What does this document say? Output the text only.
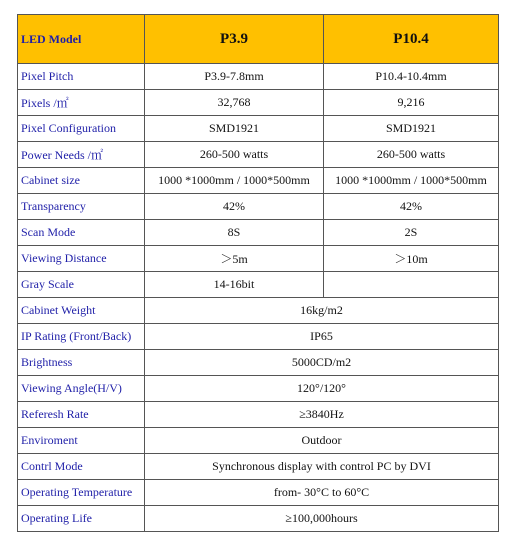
LED Model	P3.9	P10.4
Pixel Pitch	P3.9-7.8mm	P10.4-10.4mm
Pixels /㎡	32,768	9,216
Pixel Configuration	SMD1921	SMD1921
Power Needs /㎡	260-500 watts	260-500 watts
Cabinet size	1000 *1000mm / 1000*500mm	1000 *1000mm / 1000*500mm
Transparency	42%	42%
Scan Mode	8S	2S
Viewing Distance	＞5m	＞10m
Gray Scale	14-16bit	
Cabinet Weight	16kg/m2	
IP Rating (Front/Back)	IP65	
Brightness	5000CD/m2	
Viewing Angle(H/V)	120°/120°	
Referesh Rate	≥3840Hz	
Enviroment	Outdoor	
Contrl Mode	Synchronous display with control PC by DVI	
Operating Temperature	from- 30°C to 60°C	
Operating Life	≥100,000hours	
